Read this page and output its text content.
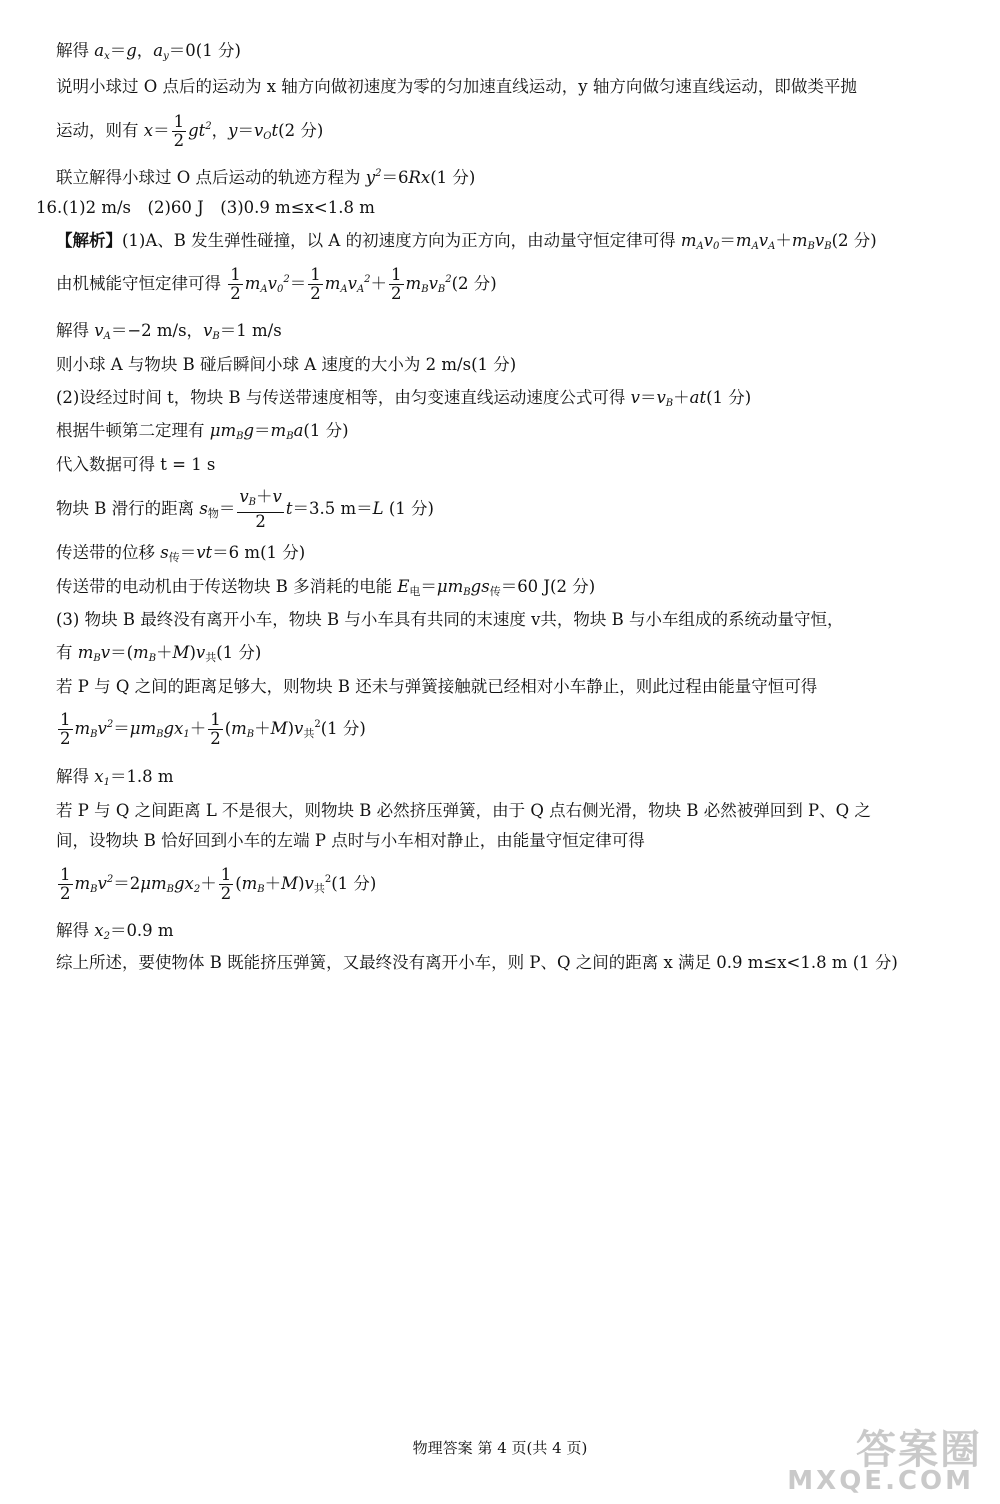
解得 $a_x=g$，$a_y=0(1$ 分)
说明小球过 O 点后的运动为 x 轴方向做初速度为零的匀加速直线运动，y 轴方向做匀速直线运动，即做类平抛
运动，则有 $x= \frac{1}{2} gt^2$，$y=v_Ot(2$ 分)
联立解得小球过 O 点后运动的轨迹方程为 $y^2=6Rx(1$ 分)
16.(1)2 m/s　(2)60 J　(3)0.9 m≤x<1.8 m
【解析】(1)A、B 发生弹性碰撞，以 A 的初速度方向为正方向，由动量守恒定律可得 $m_Av_0=m_Av_A+m_Bv_B(2$ 分)
由机械能守恒定律可得 $\frac{1}{2} m_Av_0^2= \frac{1}{2} m_Av_A^2+ \frac{1}{2} m_Bv_B^2(2$ 分)
解得 $v_A=-2$ m/s，$v_B=1$ m/s
则小球 A 与物块 B 碰后瞬间小球 A 速度的大小为 2 m/s(1 分)
(2)设经过时间 t，物块 B 与传送带速度相等，由匀变速直线运动速度公式可得 $v=v_B+at(1$ 分)
根据牛顿第二定理有 $\mu m_Bg=m_Ba(1$ 分)
代入数据可得 t = 1 s
物块 B 滑行的距离 s物＝ $\frac{v_B+v}{2} t=3.5$ m＝L (1 分)
传送带的位移 s传＝vt＝6 m(1 分)
传送带的电动机由于传送物块 B 多消耗的电能 E电$=\mu m_Bgs$传＝60 J(2 分)
(3) 物块 B 最终没有离开小车，物块 B 与小车具有共同的末速度 v共，物块 B 与小车组成的系统动量守恒，
有 $m_Bv=(m_B+M)v$共(1 分)
若 P 与 Q 之间的距离足够大，则物块 B 还未与弹簧接触就已经相对小车静止，则此过程由能量守恒可得
$\frac{1}{2} m_Bv^2=\mu m_Bgx_1+ \frac{1}{2} (m_B+M)v$共$^2$(1 分)
解得 $x_1=1.8$ m
若 P 与 Q 之间距离 L 不是很大，则物块 B 必然挤压弹簧，由于 Q 点右侧光滑，物块 B 必然被弹回到 P、Q 之
间，设物块 B 恰好回到小车的左端 P 点时与小车相对静止，由能量守恒定律可得
$\frac{1}{2} m_Bv^2=2\mu m_Bgx_2+ \frac{1}{2} (m_B+M)v$共$^2$(1 分)
解得 $x_2=0.9$ m
综上所述，要使物体 B 既能挤压弹簧，又最终没有离开小车，则 P、Q 之间的距离 x 满足 0.9 m≤x<1.8 m (1 分)
物理答案 第 4 页(共 4 页)	答案圈
MXQE.COM
